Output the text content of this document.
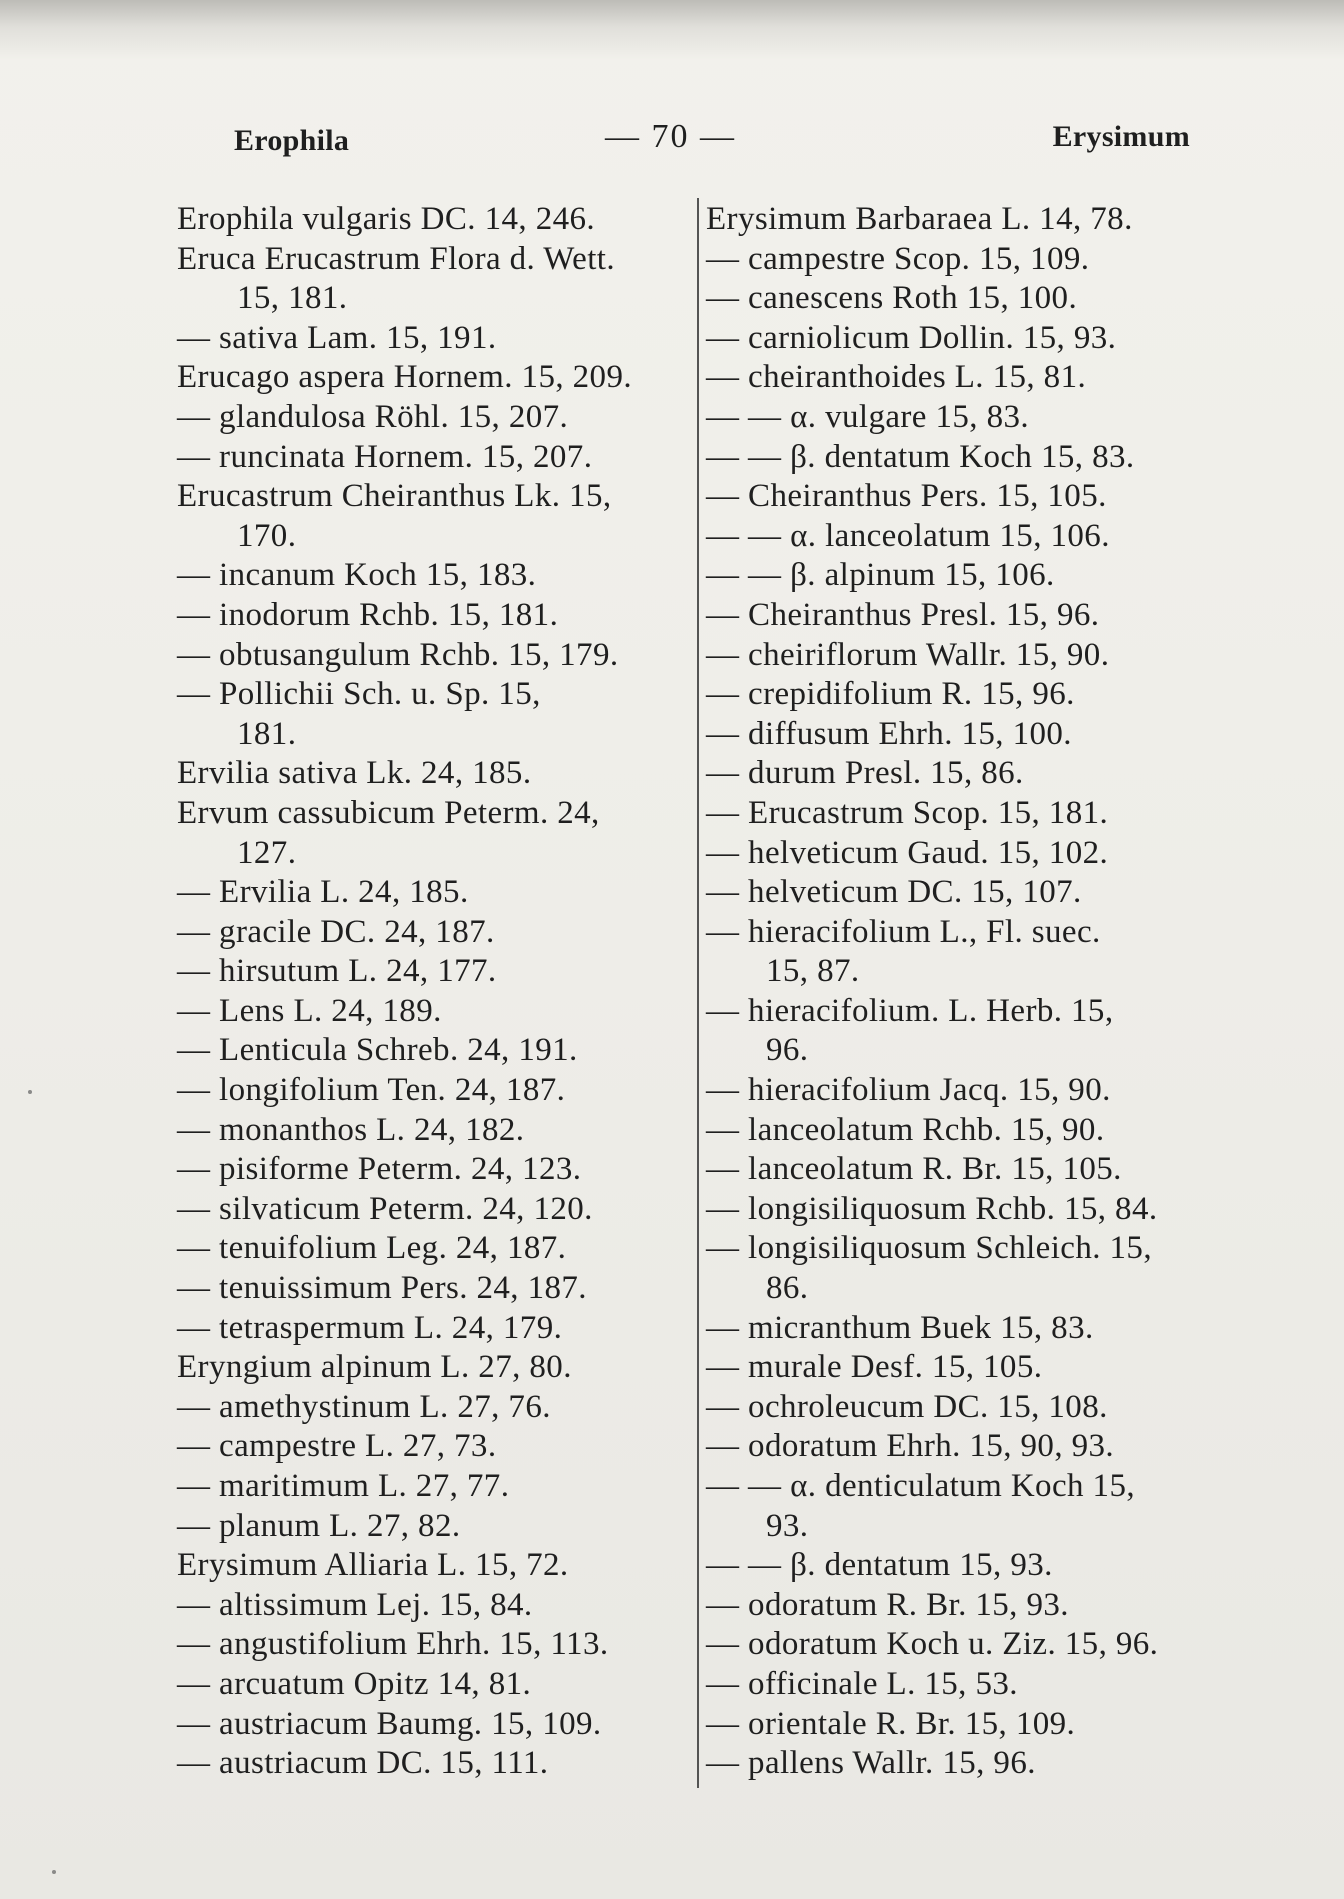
Erophila	— 70 —	Erysimum
Erophila vulgaris DC. 14, 246.
Eruca Erucastrum Flora d. Wett.
15, 181.
— sativa Lam. 15, 191.
Erucago aspera Hornem. 15, 209.
— glandulosa Röhl. 15, 207.
— runcinata Hornem. 15, 207.
Erucastrum Cheiranthus Lk. 15,
170.
— incanum Koch 15, 183.
— inodorum Rchb. 15, 181.
— obtusangulum Rchb. 15, 179.
— Pollichii Sch. u. Sp. 15,
181.
Ervilia sativa Lk. 24, 185.
Ervum cassubicum Peterm. 24,
127.
— Ervilia L. 24, 185.
— gracile DC. 24, 187.
— hirsutum L. 24, 177.
— Lens L. 24, 189.
— Lenticula Schreb. 24, 191.
— longifolium Ten. 24, 187.
— monanthos L. 24, 182.
— pisiforme Peterm. 24, 123.
— silvaticum Peterm. 24, 120.
— tenuifolium Leg. 24, 187.
— tenuissimum Pers. 24, 187.
— tetraspermum L. 24, 179.
Eryngium alpinum L. 27, 80.
— amethystinum L. 27, 76.
— campestre L. 27, 73.
— maritimum L. 27, 77.
— planum L. 27, 82.
Erysimum Alliaria L. 15, 72.
— altissimum Lej. 15, 84.
— angustifolium Ehrh. 15, 113.
— arcuatum Opitz 14, 81.
— austriacum Baumg. 15, 109.
— austriacum DC. 15, 111.
Erysimum Barbaraea L. 14, 78.
— campestre Scop. 15, 109.
— canescens Roth 15, 100.
— carniolicum Dollin. 15, 93.
— cheiranthoides L. 15, 81.
— — α. vulgare 15, 83.
— — β. dentatum Koch 15, 83.
— Cheiranthus Pers. 15, 105.
— — α. lanceolatum 15, 106.
— — β. alpinum 15, 106.
— Cheiranthus Presl. 15, 96.
— cheiriflorum Wallr. 15, 90.
— crepidifolium R. 15, 96.
— diffusum Ehrh. 15, 100.
— durum Presl. 15, 86.
— Erucastrum Scop. 15, 181.
— helveticum Gaud. 15, 102.
— helveticum DC. 15, 107.
— hieracifolium L., Fl. suec.
15, 87.
— hieracifolium. L. Herb. 15,
96.
— hieracifolium Jacq. 15, 90.
— lanceolatum Rchb. 15, 90.
— lanceolatum R. Br. 15, 105.
— longisiliquosum Rchb. 15, 84.
— longisiliquosum Schleich. 15,
86.
— micranthum Buek 15, 83.
— murale Desf. 15, 105.
— ochroleucum DC. 15, 108.
— odoratum Ehrh. 15, 90, 93.
— — α. denticulatum Koch 15,
93.
— — β. dentatum 15, 93.
— odoratum R. Br. 15, 93.
— odoratum Koch u. Ziz. 15, 96.
— officinale L. 15, 53.
— orientale R. Br. 15, 109.
— pallens Wallr. 15, 96.
